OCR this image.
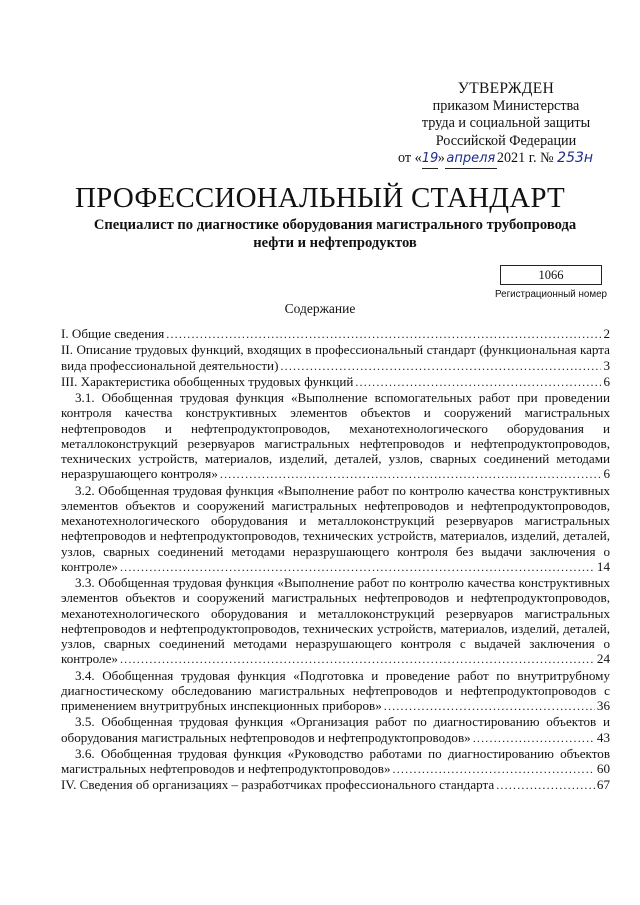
УТВЕРЖДЕН
приказом Министерства
труда и социальной защиты
Российской Федерации
от «19» апреля 2021 г. № 253н
ПРОФЕССИОНАЛЬНЫЙ СТАНДАРТ
Специалист по диагностике оборудования магистрального трубопровода
нефти и нефтепродуктов
1066
Регистрационный номер
Содержание
I. Общие сведения .....	2
II. Описание трудовых функций, входящих в профессиональный стандарт (функциональная карта
вида профессиональной деятельности) .....	3
III. Характеристика обобщенных трудовых функций .....	6
3.1. Обобщенная трудовая функция «Выполнение вспомогательных работ при проведении
контроля качества конструктивных элементов объектов и сооружений магистральных
нефтепроводов и нефтепродуктопроводов, механотехнологического оборудования и
металлоконструкций резервуаров магистральных нефтепроводов и нефтепродуктопроводов,
технических устройств, материалов, изделий, деталей, узлов, сварных соединений методами
неразрушающего контроля» .....	6
3.2. Обобщенная трудовая функция «Выполнение работ по контролю качества конструктивных
элементов объектов и сооружений магистральных нефтепроводов и нефтепродуктопроводов,
механотехнологического оборудования и металлоконструкций резервуаров магистральных
нефтепроводов и нефтепродуктопроводов, технических устройств, материалов, изделий, деталей,
узлов, сварных соединений методами неразрушающего контроля без выдачи заключения о
контроле» .....	14
3.3. Обобщенная трудовая функция «Выполнение работ по контролю качества конструктивных
элементов объектов и сооружений магистральных нефтепроводов и нефтепродуктопроводов,
механотехнологического оборудования и металлоконструкций резервуаров магистральных
нефтепроводов и нефтепродуктопроводов, технических устройств, материалов, изделий, деталей,
узлов, сварных соединений методами неразрушающего контроля с выдачей заключения о
контроле» .....	24
3.4. Обобщенная трудовая функция «Подготовка и проведение работ по внутритрубному
диагностическому обследованию магистральных нефтепроводов и нефтепродуктопроводов с
применением внутритрубных инспекционных приборов» .....	36
3.5. Обобщенная трудовая функция «Организация работ по диагностированию объектов и
оборудования магистральных нефтепроводов и нефтепродуктопроводов» .....	43
3.6. Обобщенная трудовая функция «Руководство работами по диагностированию объектов
магистральных нефтепроводов и нефтепродуктопроводов» .....	60
IV. Сведения об организациях – разработчиках профессионального стандарта .....	67
